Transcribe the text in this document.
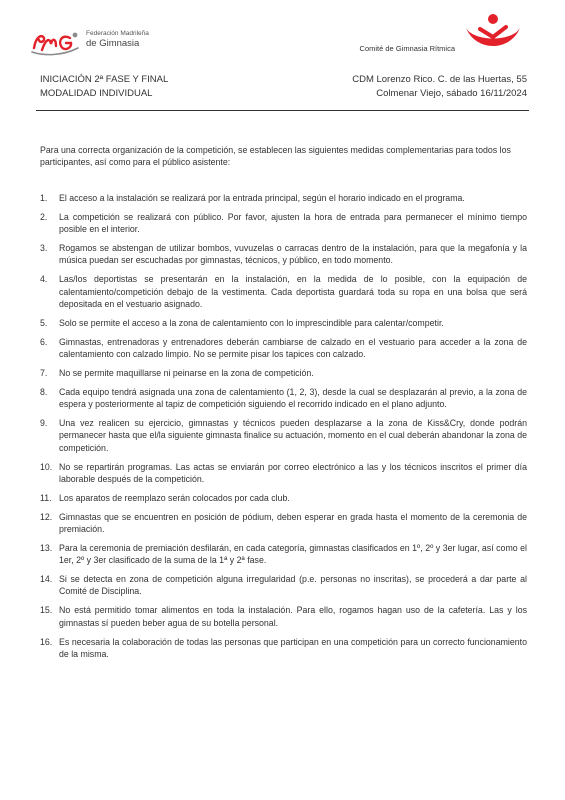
Federación Madrileña
de Gimnasia	Comité de Gimnasia Rítmica
INICIACIÓN 2ª FASE Y FINAL
MODALIDAD INDIVIDUAL
CDM Lorenzo Rico. C. de las Huertas, 55
Colmenar Viejo, sábado 16/11/2024

Para una correcta organización de la competición, se establecen las siguientes medidas complementarias para todos los participantes, así como para el público asistente:

1. El acceso a la instalación se realizará por la entrada principal, según el horario indicado en el programa.
2. La competición se realizará con público. Por favor, ajusten la hora de entrada para permanecer el mínimo tiempo posible en el interior.
3. Rogamos se abstengan de utilizar bombos, vuvuzelas o carracas dentro de la instalación, para que la megafonía y la música puedan ser escuchadas por gimnastas, técnicos, y público, en todo momento.
4. Las/los deportistas se presentarán en la instalación, en la medida de lo posible, con la equipación de calentamiento/competición debajo de la vestimenta. Cada deportista guardará toda su ropa en una bolsa que será depositada en el vestuario asignado.
5. Solo se permite el acceso a la zona de calentamiento con lo imprescindible para calentar/competir.
6. Gimnastas, entrenadoras y entrenadores deberán cambiarse de calzado en el vestuario para acceder a la zona de calentamiento con calzado limpio. No se permite pisar los tapices con calzado.
7. No se permite maquillarse ni peinarse en la zona de competición.
8. Cada equipo tendrá asignada una zona de calentamiento (1, 2, 3), desde la cual se desplazarán al previo, a la zona de espera y posteriormente al tapiz de competición siguiendo el recorrido indicado en el plano adjunto.
9. Una vez realicen su ejercicio, gimnastas y técnicos pueden desplazarse a la zona de Kiss&Cry, donde podrán permanecer hasta que el/la siguiente gimnasta finalice su actuación, momento en el cual deberán abandonar la zona de competición.
10. No se repartirán programas. Las actas se enviarán por correo electrónico a las y los técnicos inscritos el primer día laborable después de la competición.
11. Los aparatos de reemplazo serán colocados por cada club.
12. Gimnastas que se encuentren en posición de pódium, deben esperar en grada hasta el momento de la ceremonia de premiación.
13. Para la ceremonia de premiación desfilarán, en cada categoría, gimnastas clasificados en 1º, 2º y 3er lugar, así como el 1er, 2º y 3er clasificado de la suma de la 1ª y 2ª fase.
14. Si se detecta en zona de competición alguna irregularidad (p.e. personas no inscritas), se procederá a dar parte al Comité de Disciplina.
15. No está permitido tomar alimentos en toda la instalación. Para ello, rogamos hagan uso de la cafetería. Las y los gimnastas sí pueden beber agua de su botella personal.
16. Es necesaria la colaboración de todas las personas que participan en una competición para un correcto funcionamiento de la misma.
